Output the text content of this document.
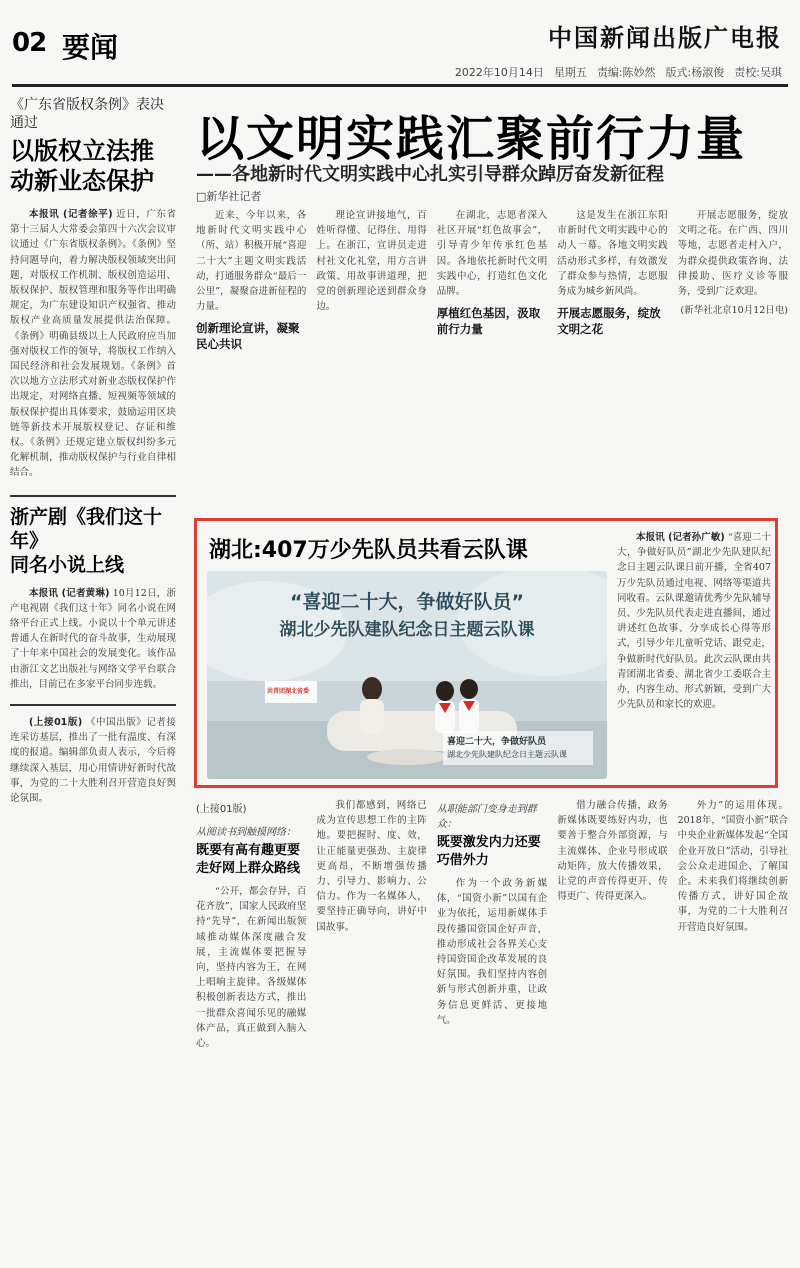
02 要闻	中国新闻出版广电报
2022年10月14日 星期五 责编:陈妙然 版式:杨淑俊 责校:吴琪
《广东省版权条例》表决通过
以版权立法推动新业态保护

本报讯 (记者徐平) 近日，广东省第十三届人大常委会第四十六次会议审议通过《广东省版权条例》。《条例》坚持问题导向，着力解决版权领域突出问题，对版权工作机制、版权创造运用、版权保护、版权管理和服务等作出明确规定，为广东建设知识产权强省、推动版权产业高质量发展提供法治保障。《条例》明确县级以上人民政府应当加强对版权工作的领导，将版权工作纳入国民经济和社会发展规划。《条例》首次以地方立法形式对新业态版权保护作出规定，对网络直播、短视频等领域的版权保护提出具体要求，鼓励运用区块链等新技术开展版权登记、存证和维权。《条例》还规定建立版权纠纷多元化解机制，推动版权保护与行业自律相结合。

浙产剧《我们这十年》
同名小说上线

本报讯 (记者黄琳) 10月12日，浙产电视剧《我们这十年》同名小说在网络平台正式上线。小说以十个单元讲述普通人在新时代的奋斗故事，生动展现了十年来中国社会的发展变化。该作品由浙江文艺出版社与网络文学平台联合推出，目前已在多家平台同步连载。

(上接01版) 《中国出版》记者接连采访基层，推出了一批有温度、有深度的报道。编辑部负责人表示，今后将继续深入基层，用心用情讲好新时代故事，为党的二十大胜利召开营造良好舆论氛围。

以文明实践汇聚前行力量
——各地新时代文明实践中心扎实引导群众踔厉奋发新征程
□新华社记者

近来，今年以来，各地新时代文明实践中心（所、站）积极开展“喜迎二十大”主题文明实践活动，打通服务群众“最后一公里”，凝聚奋进新征程的力量。

创新理论宣讲，凝聚民心共识

理论宣讲接地气，百姓听得懂、记得住、用得上。在浙江，宣讲员走进村社文化礼堂，用方言讲政策、用故事讲道理，把党的创新理论送到群众身边。

在湖北，志愿者深入社区开展“红色故事会”，引导青少年传承红色基因。各地依托新时代文明实践中心，打造红色文化品牌。

厚植红色基因，汲取前行力量

这是发生在浙江东阳市新时代文明实践中心的动人一幕。各地文明实践活动形式多样，有效激发了群众参与热情，志愿服务成为城乡新风尚。

开展志愿服务，绽放文明之花

开展志愿服务，绽放文明之花。在广西、四川等地，志愿者走村入户，为群众提供政策咨询、法律援助、医疗义诊等服务，受到广泛欢迎。

(新华社北京10月12日电)

湖北:407万少先队员共看云队课
“喜迎二十大，争做好队员”
湖北少先队建队纪念日主题云队课
共青团湖北省委
喜迎二十大，争做好队员
湖北少先队建队纪念日主题云队课

本报讯 (记者孙广敏) “喜迎二十大，争做好队员”湖北少先队建队纪念日主题云队课日前开播，全省407万少先队员通过电视、网络等渠道共同收看。云队课邀请优秀少先队辅导员、少先队员代表走进直播间，通过讲述红色故事、分享成长心得等形式，引导少年儿童听党话、跟党走，争做新时代好队员。此次云队课由共青团湖北省委、湖北省少工委联合主办，内容生动、形式新颖，受到广大少先队员和家长的欢迎。

(上接01版)
从阅读书到触摸网络：
既要有高有趣更要走好网上群众路线

“公开，都会存异，百花齐放”，国家人民政府坚持“先导”，在新闻出版领域推动媒体深度融合发展，主流媒体要把握导向，坚持内容为王，在网上唱响主旋律。各级媒体积极创新表达方式，推出一批群众喜闻乐见的融媒体产品，真正做到入脑入心。

我们都感到，网络已成为宣传思想工作的主阵地。要把握时、度、效，让正能量更强劲、主旋律更高昂，不断增强传播力、引导力、影响力、公信力。作为一名媒体人，要坚持正确导向，讲好中国故事。

从职能部门变身走到群众：
既要激发内力还要巧借外力

作为一个政务新媒体，“国资小新”以国有企业为依托，运用新媒体手段传播国资国企好声音，推动形成社会各界关心支持国资国企改革发展的良好氛围。我们坚持内容创新与形式创新并重，让政务信息更鲜活、更接地气。

借力融合传播，政务新媒体既要练好内功，也要善于整合外部资源，与主流媒体、企业号形成联动矩阵，放大传播效果，让党的声音传得更开、传得更广、传得更深入。

外力”的运用体现。2018年，“国资小新”联合中央企业新媒体发起“全国企业开放日”活动，引导社会公众走进国企、了解国企。未来我们将继续创新传播方式，讲好国企故事，为党的二十大胜利召开营造良好氛围。
